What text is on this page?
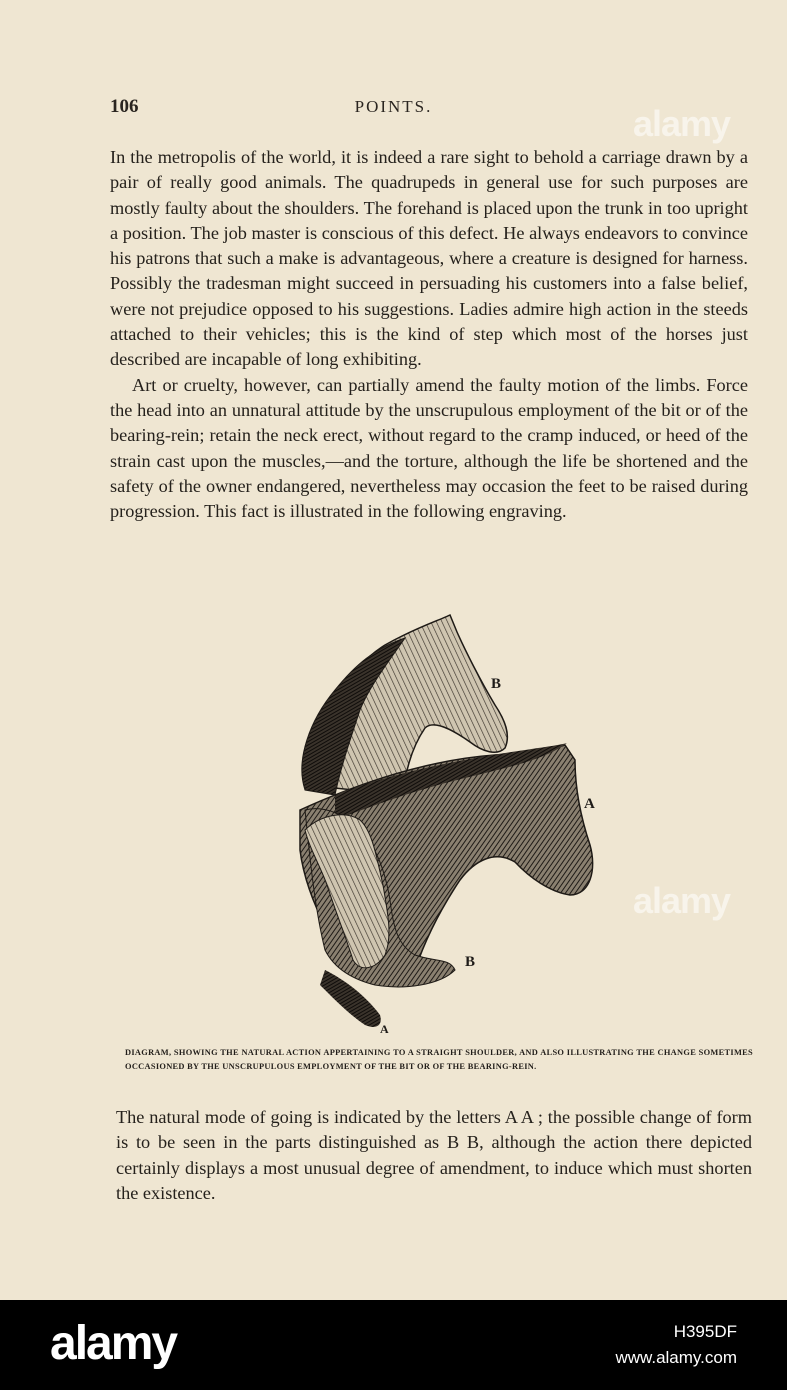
106	POINTS.

In the metropolis of the world, it is indeed a rare sight to behold a carriage drawn by a pair of really good animals. The quadrupeds in general use for such purposes are mostly faulty about the shoulders. The forehand is placed upon the trunk in too upright a position. The job master is conscious of this defect. He always endeavors to convince his patrons that such a make is advantageous, where a creature is designed for harness. Possibly the tradesman might succeed in persuading his customers into a false belief, were not prejudice opposed to his suggestions. Ladies admire high action in the steeds attached to their vehicles; this is the kind of step which most of the horses just described are incapable of long exhibiting.

Art or cruelty, however, can partially amend the faulty motion of the limbs. Force the head into an unnatural attitude by the unscrupulous employment of the bit or of the bearing-rein; retain the neck erect, without regard to the cramp induced, or heed of the strain cast upon the muscles,—and the torture, although the life be shortened and the safety of the owner endangered, nevertheless may occasion the feet to be raised during progression. This fact is illustrated in the following engraving.

B
A
B
A
DIAGRAM, SHOWING THE NATURAL ACTION APPERTAINING TO A STRAIGHT SHOULDER, AND ALSO ILLUSTRATING THE CHANGE SOMETIMES OCCASIONED BY THE UNSCRUPULOUS EMPLOYMENT OF THE BIT OR OF THE BEARING-REIN.

The natural mode of going is indicated by the letters A A ; the possible change of form is to be seen in the parts distinguished as B B, although the action there depicted certainly displays a most unusual degree of amendment, to induce which must shorten the existence.

alamy
alamy
alamy	H395DF
www.alamy.com
